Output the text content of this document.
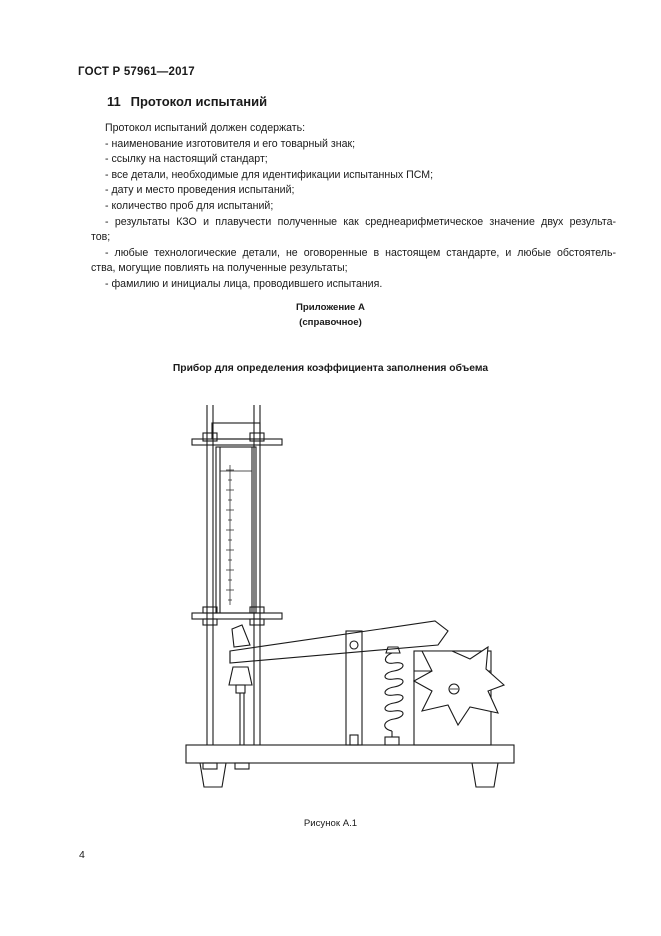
ГОСТ Р 57961—2017
11 Протокол испытаний

Протокол испытаний должен содержать:

- наименование изготовителя и его товарный знак;

- ссылку на настоящий стандарт;

- все детали, необходимые для идентификации испытанных ПСМ;

- дату и место проведения испытаний;

- количество проб для испытаний;

- результаты КЗО и плавучести полученные как среднеарифметическое значение двух результа-

тов;

- любые технологические детали, не оговоренные в настоящем стандарте, и любые обстоятель-

ства, могущие повлиять на полученные результаты;

- фамилию и инициалы лица, проводившего испытания.

Приложение А
(справочное)
Прибор для определения коэффициента заполнения объема
Рисунок А.1
4
